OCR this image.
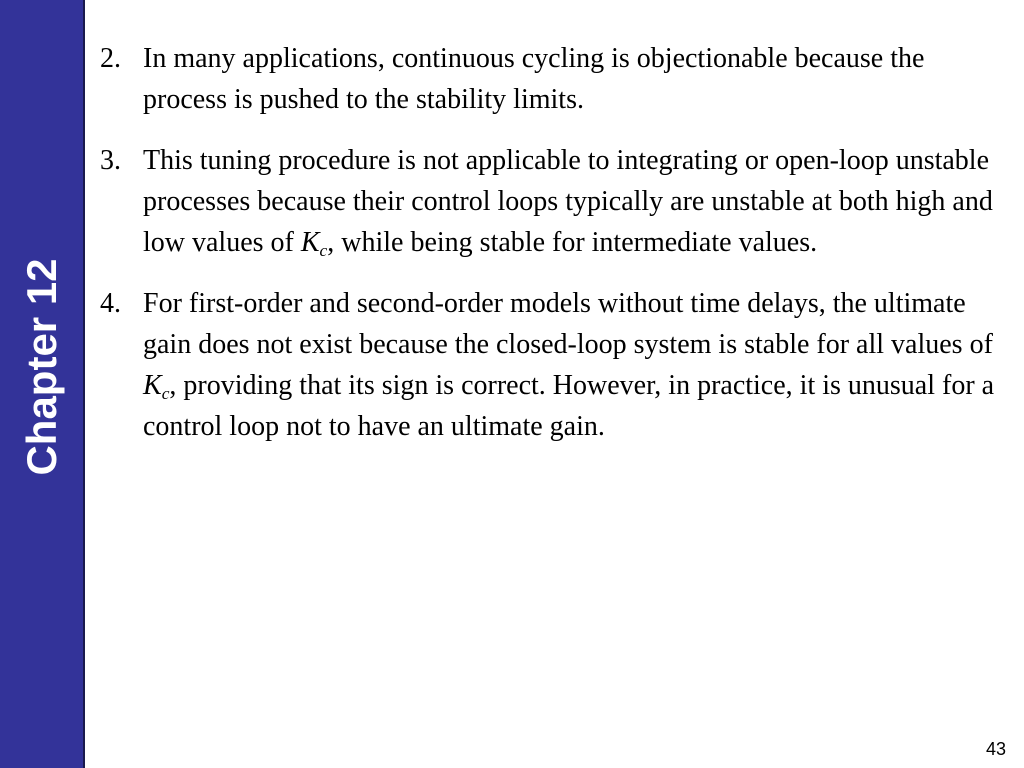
Chapter 12
2. In many applications, continuous cycling is objectionable because the process is pushed to the stability limits.

3. This tuning procedure is not applicable to integrating or open-loop unstable processes because their control loops typically are unstable at both high and low values of $K_c$, while being stable for intermediate values.

4. For first-order and second-order models without time delays, the ultimate gain does not exist because the closed-loop system is stable for all values of $K_c$, providing that its sign is correct. However, in practice, it is unusual for a control loop not to have an ultimate gain.

43
